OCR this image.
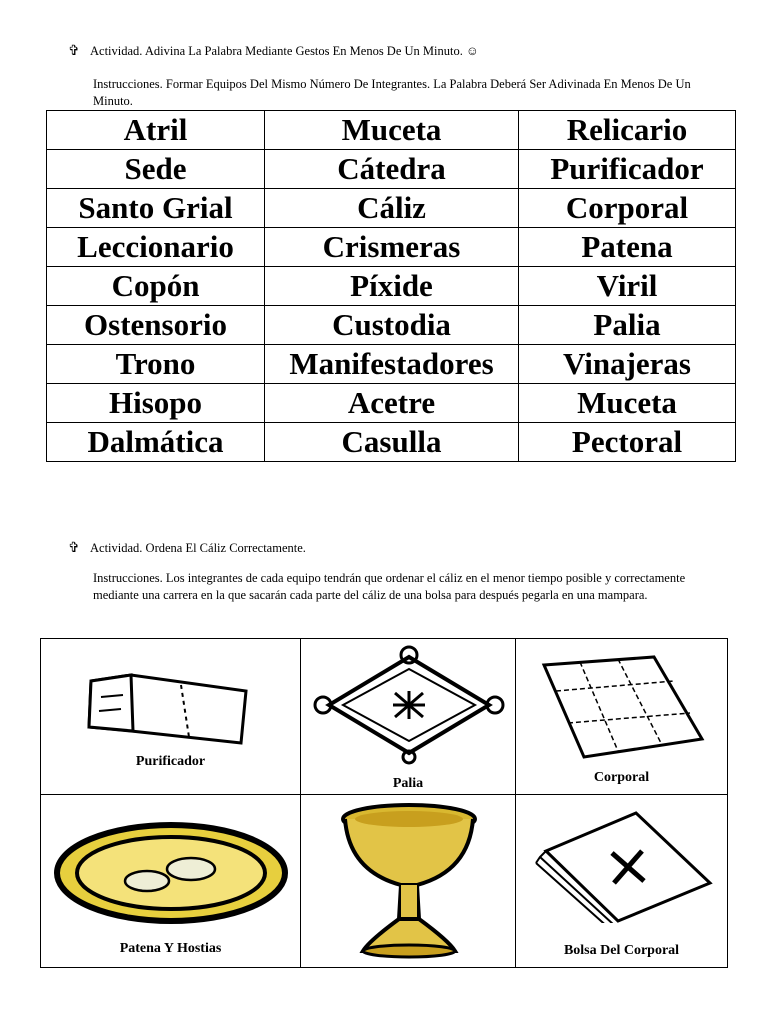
✞ Actividad. Adivina La Palabra Mediante Gestos En Menos De Un Minuto. ☺
Instrucciones. Formar Equipos Del Mismo Número De Integrantes. La Palabra Deberá Ser Adivinada En Menos De Un Minuto.
Atril	Muceta	Relicario
Sede	Cátedra	Purificador
Santo Grial	Cáliz	Corporal
Leccionario	Crismeras	Patena
Copón	Píxide	Viril
Ostensorio	Custodia	Palia
Trono	Manifestadores	Vinajeras
Hisopo	Acetre	Muceta
Dalmática	Casulla	Pectoral
✞ Actividad. Ordena El Cáliz Correctamente.
Instrucciones. Los integrantes de cada equipo tendrán que ordenar el cáliz en el menor tiempo posible y correctamente mediante una carrera en la que sacarán cada parte del cáliz de una bolsa para después pegarla en una mampara.
Purificador
Palia	Corporal
Patena Y Hostias	Bolsa Del Corporal
